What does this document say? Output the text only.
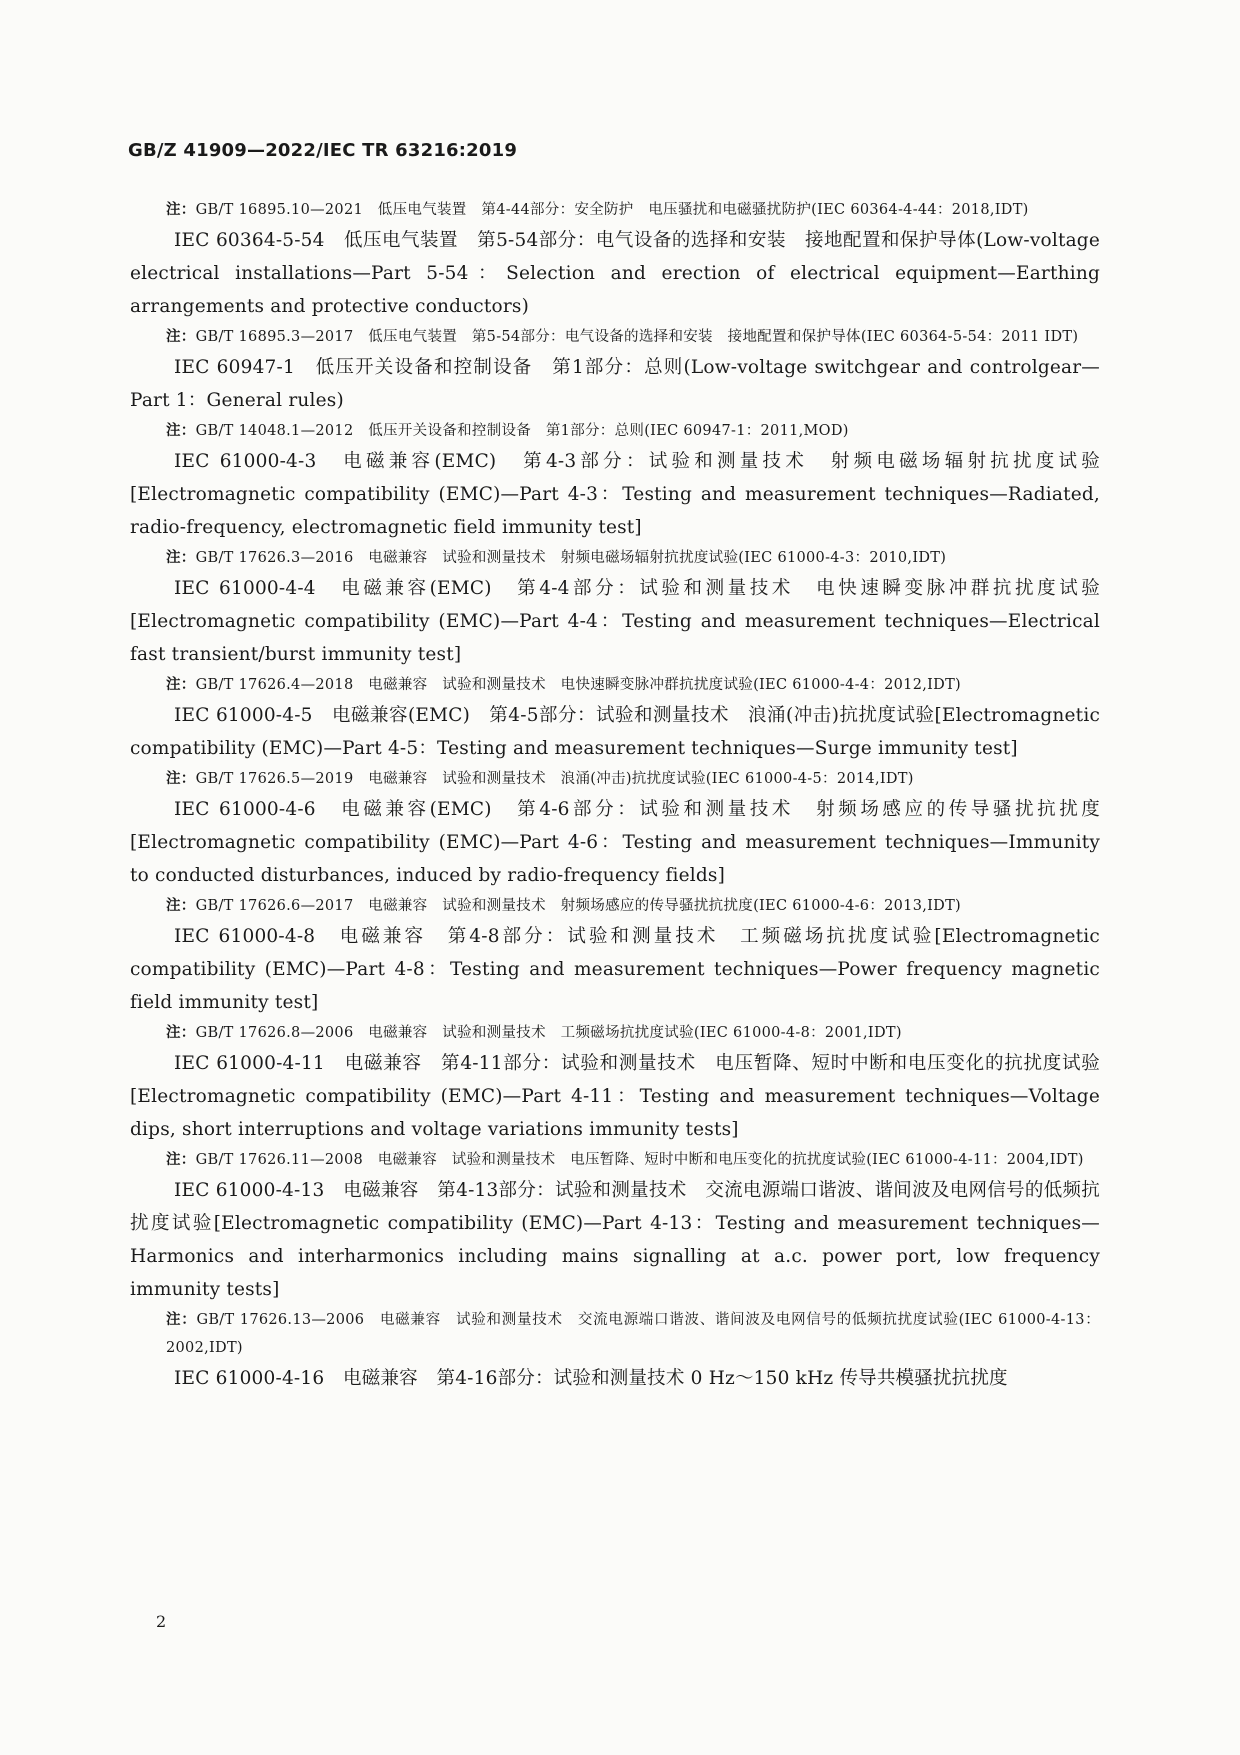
GB/Z 41909—2022/IEC TR 63216:2019

注：GB/T 16895.10—2021　低压电气装置　第4-44部分：安全防护　电压骚扰和电磁骚扰防护(IEC 60364-4-44：2018,IDT)

IEC 60364-5-54　低压电气装置　第5-54部分：电气设备的选择和安装　接地配置和保护导体(Low-voltage electrical installations—Part 5-54：Selection and erection of electrical equipment—Earthing arrangements and protective conductors)

注：GB/T 16895.3—2017　低压电气装置　第5-54部分：电气设备的选择和安装　接地配置和保护导体(IEC 60364-5-54：2011 IDT)

IEC 60947-1　低压开关设备和控制设备　第1部分：总则(Low-voltage switchgear and controlgear—Part 1：General rules)

注：GB/T 14048.1—2012　低压开关设备和控制设备　第1部分：总则(IEC 60947-1：2011,MOD)

IEC 61000-4-3　电磁兼容(EMC)　第4-3部分：试验和测量技术　射频电磁场辐射抗扰度试验[Electromagnetic compatibility (EMC)—Part 4-3：Testing and measurement techniques—Radiated, radio-frequency, electromagnetic field immunity test]

注：GB/T 17626.3—2016　电磁兼容　试验和测量技术　射频电磁场辐射抗扰度试验(IEC 61000-4-3：2010,IDT)

IEC 61000-4-4　电磁兼容(EMC)　第4-4部分：试验和测量技术　电快速瞬变脉冲群抗扰度试验[Electromagnetic compatibility (EMC)—Part 4-4：Testing and measurement techniques—Electrical fast transient/burst immunity test]

注：GB/T 17626.4—2018　电磁兼容　试验和测量技术　电快速瞬变脉冲群抗扰度试验(IEC 61000-4-4：2012,IDT)

IEC 61000-4-5　电磁兼容(EMC)　第4-5部分：试验和测量技术　浪涌(冲击)抗扰度试验[Electromagnetic compatibility (EMC)—Part 4-5：Testing and measurement techniques—Surge immunity test]

注：GB/T 17626.5—2019　电磁兼容　试验和测量技术　浪涌(冲击)抗扰度试验(IEC 61000-4-5：2014,IDT)

IEC 61000-4-6　电磁兼容(EMC)　第4-6部分：试验和测量技术　射频场感应的传导骚扰抗扰度[Electromagnetic compatibility (EMC)—Part 4-6：Testing and measurement techniques—Immunity to conducted disturbances, induced by radio-frequency fields]

注：GB/T 17626.6—2017　电磁兼容　试验和测量技术　射频场感应的传导骚扰抗扰度(IEC 61000-4-6：2013,IDT)

IEC 61000-4-8　电磁兼容　第4-8部分：试验和测量技术　工频磁场抗扰度试验[Electromagnetic compatibility (EMC)—Part 4-8：Testing and measurement techniques—Power frequency magnetic field immunity test]

注：GB/T 17626.8—2006　电磁兼容　试验和测量技术　工频磁场抗扰度试验(IEC 61000-4-8：2001,IDT)

IEC 61000-4-11　电磁兼容　第4-11部分：试验和测量技术　电压暂降、短时中断和电压变化的抗扰度试验[Electromagnetic compatibility (EMC)—Part 4-11：Testing and measurement techniques—Voltage dips, short interruptions and voltage variations immunity tests]

注：GB/T 17626.11—2008　电磁兼容　试验和测量技术　电压暂降、短时中断和电压变化的抗扰度试验(IEC 61000-4-11：2004,IDT)

IEC 61000-4-13　电磁兼容　第4-13部分：试验和测量技术　交流电源端口谐波、谐间波及电网信号的低频抗扰度试验[Electromagnetic compatibility (EMC)—Part 4-13：Testing and measurement techniques—Harmonics and interharmonics including mains signalling at a.c. power port, low frequency immunity tests]

注：GB/T 17626.13—2006　电磁兼容　试验和测量技术　交流电源端口谐波、谐间波及电网信号的低频抗扰度试验(IEC 61000-4-13：2002,IDT)

IEC 61000-4-16　电磁兼容　第4-16部分：试验和测量技术 0 Hz～150 kHz 传导共模骚扰抗扰度

2
